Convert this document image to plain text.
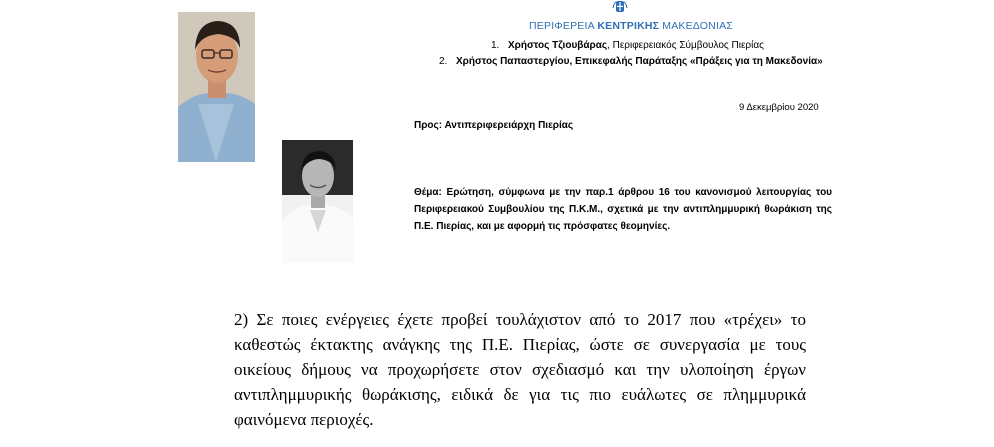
ΠΕΡΙΦΕΡΕΙΑ ΚΕΝΤΡΙΚΗΣ ΜΑΚΕΔΟΝΙΑΣ
1. Χρήστος Τζιουβάρας, Περιφερειακός Σύμβουλος Πιερίας
2. Χρήστος Παπαστεργίου, Επικεφαλής Παράταξης «Πράξεις για τη Μακεδονία»
9 Δεκεμβρίου 2020
Προς: Αντιπεριφερειάρχη Πιερίας
Θέμα: Ερώτηση, σύμφωνα με την παρ.1 άρθρου 16 του κανονισμού λειτουργίας του Περιφερειακού Συμβουλίου της Π.Κ.Μ., σχετικά με την αντιπλημμυρική θωράκιση της Π.Ε. Πιερίας, και με αφορμή τις πρόσφατες θεομηνίες.
2) Σε ποιες ενέργειες έχετε προβεί τουλάχιστον από το 2017 που «τρέχει» το καθεστώς έκτακτης ανάγκης της Π.Ε. Πιερίας, ώστε σε συνεργασία με τους οικείους δήμους να προχωρήσετε στον σχεδιασμό και την υλοποίηση έργων αντιπλημμυρικής θωράκισης, ειδικά δε για τις πιο ευάλωτες σε πλημμυρικά φαινόμενα περιοχές.
